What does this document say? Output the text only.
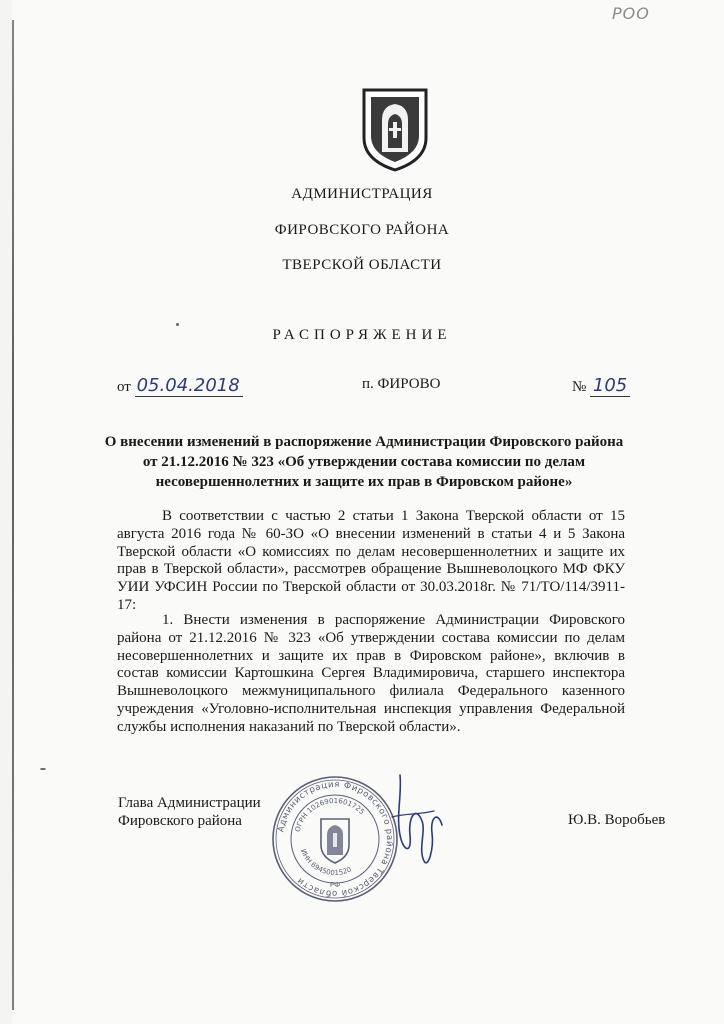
РОО
АДМИНИСТРАЦИЯ
ФИРОВСКОГО РАЙОНА
ТВЕРСКОЙ ОБЛАСТИ
РАСПОРЯЖЕНИЕ
от 05.04.2018	п. ФИРОВО	№ 105
О внесении изменений в распоряжение Администрации Фировского района от 21.12.2016 № 323 «Об утверждении состава комиссии по делам несовершеннолетних и защите их прав в Фировском районе»

В соответствии с частью 2 статьи 1 Закона Тверской области от 15 августа 2016 года № 60-ЗО «О внесении изменений в статьи 4 и 5 Закона Тверской области «О комиссиях по делам несовершеннолетних и защите их прав в Тверской области», рассмотрев обращение Вышневолоцкого МФ ФКУ УИИ УФСИН России по Тверской области от 30.03.2018г. № 71/ТО/114/3911-17:

1. Внести изменения в распоряжение Администрации Фировского района от 21.12.2016 № 323 «Об утверждении состава комиссии по делам несовершеннолетних и защите их прав в Фировском районе», включив в состав комиссии Картошкина Сергея Владимировича, старшего инспектора Вышневолоцкого межмуниципального филиала Федерального казенного учреждения «Уголовно-исполнительная инспекция управления Федеральной службы исполнения наказаний по Тверской области».

Глава Администрации
Фировского района	Ю.В. Воробьев
Администрация Фировского района Тверской области
ОГРН 1026901601725
ИНН 6945001520
РФ
